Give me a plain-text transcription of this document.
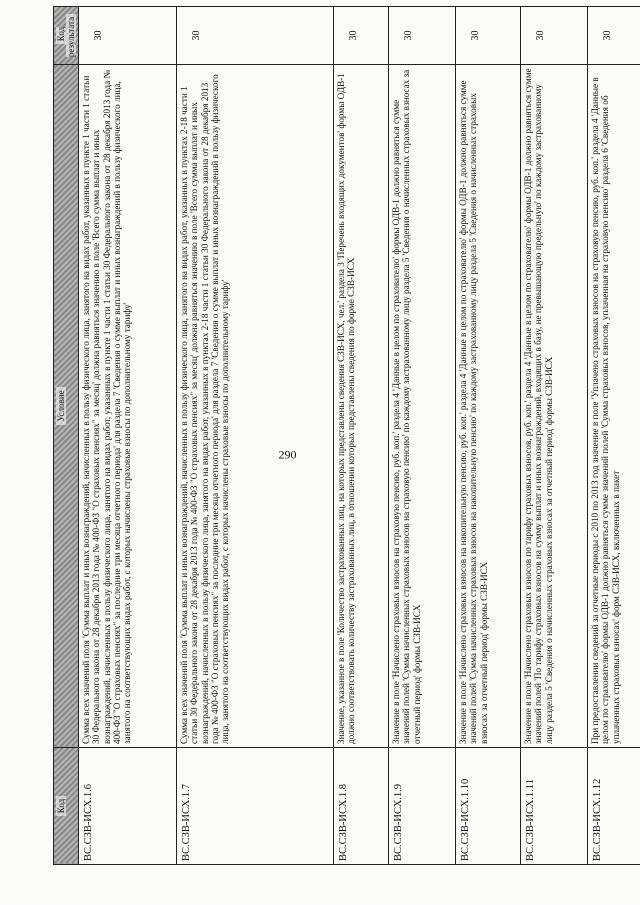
290
Код	Условие	Код результата
ВС.СЗВ-ИСХ.1.6	Сумма всех значений поля 'Сумма выплат и иных вознаграждений, начисленных в пользу физического лица, занятого на видах работ, указанных в пункте 1 части 1 статьи 30 Федерального закона от 28 декабря 2013 года № 400-ФЗ "О страховых пенсиях" за месяц' должна равняться значению в поле 'Всего сумма выплат и иных вознаграждений, начисленных в пользу физического лица, занятого на видах работ, указанных в пункте 1 части 1 статьи 30 Федерального закона от 28 декабря 2013 года № 400-ФЗ "О страховых пенсиях" за последние три месяца отчетного периода' для раздела 7 'Сведения о сумме выплат и иных вознаграждений в пользу физического лица, занятого на соответствующих видах работ, с которых начислены страховые взносы по дополнительному тарифу'	30
ВС.СЗВ-ИСХ.1.7	Сумма всех значений поля 'Сумма выплат и иных вознаграждений, начисленных в пользу физического лица, занятого на видах работ, указанных в пунктах 2-18 части 1 статьи 30 Федерального закона от 28 декабря 2013 года № 400-ФЗ "О страховых пенсиях" за месяц' должна равняться значению в поле 'Всего сумма выплат и иных вознаграждений, начисленных в пользу физического лица, занятого на видах работ, указанных в пунктах 2-18 части 1 статьи 30 Федерального закона от 28 декабря 2013 года № 400-ФЗ "О страховых пенсиях" за последние три месяца отчетного периода' для раздела 7 'Сведения о сумме выплат и иных вознаграждений в пользу физического лица, занятого на соответствующих видах работ, с которых начислены страховые взносы по дополнительному тарифу'	30
ВС.СЗВ-ИСХ.1.8	Значение, указанное в поле 'Количество застрахованных лиц, на которых представлены сведения СЗВ-ИСХ, чел.' раздела 3 'Перечень входящих документов' формы ОДВ-1 должно соответствовать количеству застрахованных лиц, в отношении которых представлены сведения по форме СЗВ-ИСХ	30
ВС.СЗВ-ИСХ.1.9	Значение в поле 'Начислено страховых взносов на страховую пенсию, руб. коп.' раздела 4 'Данные в целом по страхователю' формы ОДВ-1 должно равняться сумме значений полей 'Сумма начисленных страховых взносов на страховую пенсию' по каждому застрахованному лицу раздела 5 'Сведения о начисленных страховых взносах за отчетный период' формы СЗВ-ИСХ	30
ВС.СЗВ-ИСХ.1.10	Значение в поле 'Начислено страховых взносов на накопительную пенсию, руб. коп.' раздела 4 'Данные в целом по страхователю' формы ОДВ-1 должно равняться сумме значений полей 'Сумма начисленных страховых взносов на накопительную пенсию' по каждому застрахованному лицу раздела 5 'Сведения о начисленных страховых взносах за отчетный период' формы СЗВ-ИСХ	30
ВС.СЗВ-ИСХ.1.11	Значение в поле 'Начислено страховых взносов по тарифу страховых взносов, руб. коп.' раздела 4 'Данные в целом по страхователю' формы ОДВ-1 должно равняться сумме значений полей 'По тарифу страховых взносов на сумму выплат и иных вознаграждений, входящих в базу, не превышающую предельную' по каждому застрахованному лицу раздела 5 'Сведения о начисленных страховых взносах за отчетный период' формы СЗВ-ИСХ	30
ВС.СЗВ-ИСХ.1.12	При предоставлении сведений за отчетные периоды с 2010 по 2013 год значение в поле 'Уплачено страховых взносов на страховую пенсию, руб. коп.' раздела 4 'Данные в целом по страхователю' формы ОДВ-1 должно равняться сумме значений полей 'Сумма страховых взносов, уплаченная на страховую пенсию' раздела 6 'Сведения об уплаченных страховых взносах' форм СЗВ-ИСХ, включенных в пакет	30
